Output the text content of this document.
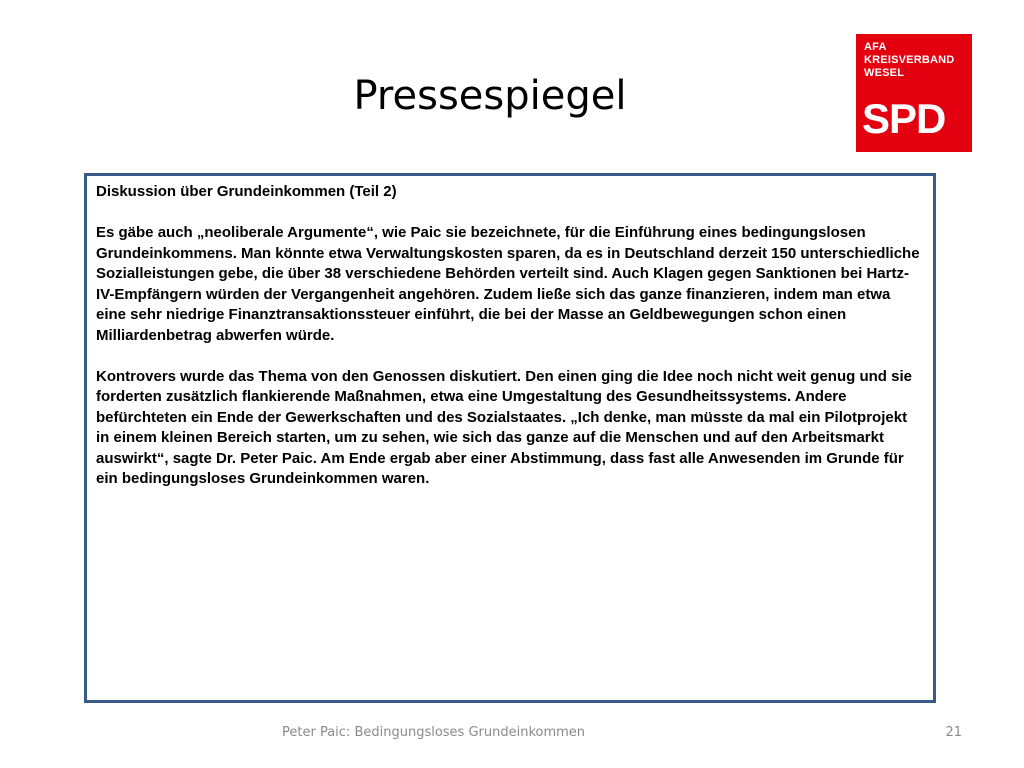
Pressespiegel
AFA
KREISVERBAND
WESEL
SPD

Diskussion über Grundeinkommen (Teil 2)

Es gäbe auch „neoliberale Argumente“, wie Paic sie bezeichnete, für die Einführung eines bedingungslosen Grundeinkommens. Man könnte etwa Verwaltungskosten sparen, da es in Deutschland derzeit 150 unterschiedliche Sozialleistungen gebe, die über 38 verschiedene Behörden verteilt sind. Auch Klagen gegen Sanktionen bei Hartz-IV-Empfängern würden der Vergangenheit angehören. Zudem ließe sich das ganze finanzieren, indem man etwa eine sehr niedrige Finanztransaktionssteuer einführt, die bei der Masse an Geldbewegungen schon einen Milliardenbetrag abwerfen würde.

Kontrovers wurde das Thema von den Genossen diskutiert. Den einen ging die Idee noch nicht weit genug und sie forderten zusätzlich flankierende Maßnahmen, etwa eine Umgestaltung des Gesundheitssystems. Andere befürchteten ein Ende der Gewerkschaften und des Sozialstaates. „Ich denke, man müsste da mal ein Pilotprojekt in einem kleinen Bereich starten, um zu sehen, wie sich das ganze auf die Menschen und auf den Arbeitsmarkt auswirkt“, sagte Dr. Peter Paic. Am Ende ergab aber einer Abstimmung, dass fast alle Anwesenden im Grunde für ein bedingungsloses Grundeinkommen waren.

Peter Paic: Bedingungsloses Grundeinkommen	21
